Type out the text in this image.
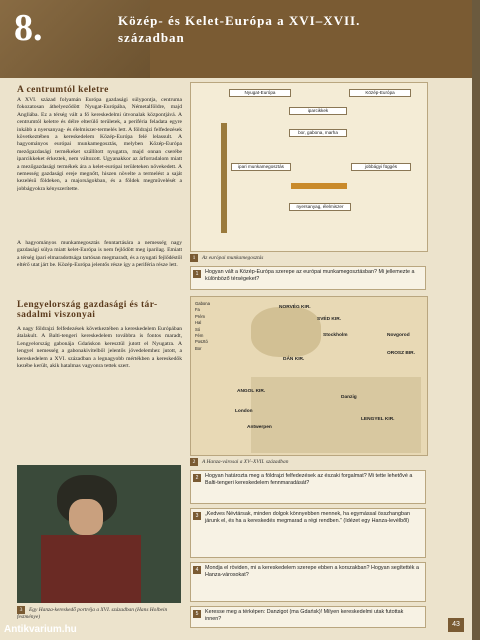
8.	Közép- és Kelet-Európa a XVI–XVII.
században
A centrumtól keletre
A XVI. század folyamán Európa gazdasági súlypontja, centruma fokozatosan áthelyeződött Nyugat-Európába, Németalföldre, majd Angliába. Ez a térség vált a fő kereskedelmi útvonalak központjává. A centrumtól keletre és délre elterülő területek, a periféria feladata egyre inkább a nyersanyag- és élelmiszer-termelés lett. A földrajzi felfedezések következtében a kereskedelem Közép-Európa felé lelassult. A hagyományos európai munkamegosztás, melyben Közép-Európa mezőgazdasági termékeket szállított nyugatra, majd onnan cserébe iparcikkeket érkeztek, nem változott. Ugyanakkor az árforradalom miatt a mezőgazdasági termékek ára a kelet-európai területeken növekedett. A nemesség gazdasági ereje megnőtt, hiszen növelte a termelést a saját kezelésű földeken, a majorságokban, és a földek megművelését a jobbágyokra kényszerítette.
A hagyományos munkamegosztás fenntartására a nemesség nagy gazdasági súlya miatt kelet-Európa is nem fejlődött meg iparilag. Emiatt a térség ipari elmaradottsága tartósan megmaradt, és a nyugati fejlődéstől eltérő utat járt be. Közép-Európa jelentős része így a periféria része lett.
Lengyelország gazdasági és tár-
sadalmi viszonyai
A nagy földrajzi felfedezések következtében a kereskedelem Európában átalakult. A Balti-tengeri kereskedelem továbbra is fontos maradt, Lengyelország gabonája Gdańskon keresztül jutott el Nyugatra. A lengyel nemesség a gabonakivitelből jelentős jövedelemhez jutott, a kereskedelem a XVI. században a legnagyobb mértékben a kereskedők kezébe került, akik hatalmas vagyonra tettek szert.
Nyugat-Európa	Közép-Európa
iparcikkek
bor, gabona, marha
ipari munkamegosztás	jobbágyi függés
nyersanyag, élelmiszer
1 Az európai munkamegosztás
1	Hogyan vált a Közép-Európa szerepe az európai munkamegosztásban? Mi jellemezte a különböző térségeket?
Gabona
Fa
Prém
Hal
Só
Fém
Posztó
Bor
NORVÉG KIR.
SVÉD KIR.
DÁN KIR.
ANGOL KIR.
LENGYEL KIR.
OROSZ BIR.
London
Antwerpen
Stockholm	Novgorod
Danzig
2 A Hanza-városai a XV–XVII. században
2	Hogyan határozta meg a földrajzi felfedezések az északi forgalmat? Mi tette lehetővé a Balti-tengeri kereskedelem fennmaradását?
3	„Kedves Névtársak, minden dolgok könnyebben mennek, ha egymással összhangban járunk el, és ha a kereskedés megmarad a régi rendben.” (Idézet egy Hanza-levélből)
4	Mondja el röviden, mi a kereskedelem szerepe ebben a korszakban? Hogyan segítették a Hanza-városokat?
3 Egy Hanza-kereskedő portréja a XVI. században (Hans Holbein festménye)	5	Keresse meg a térképen: Danzigot (ma Gdańsk)! Milyen kereskedelmi utak futottak innen?
43
Antikvarium.hu
